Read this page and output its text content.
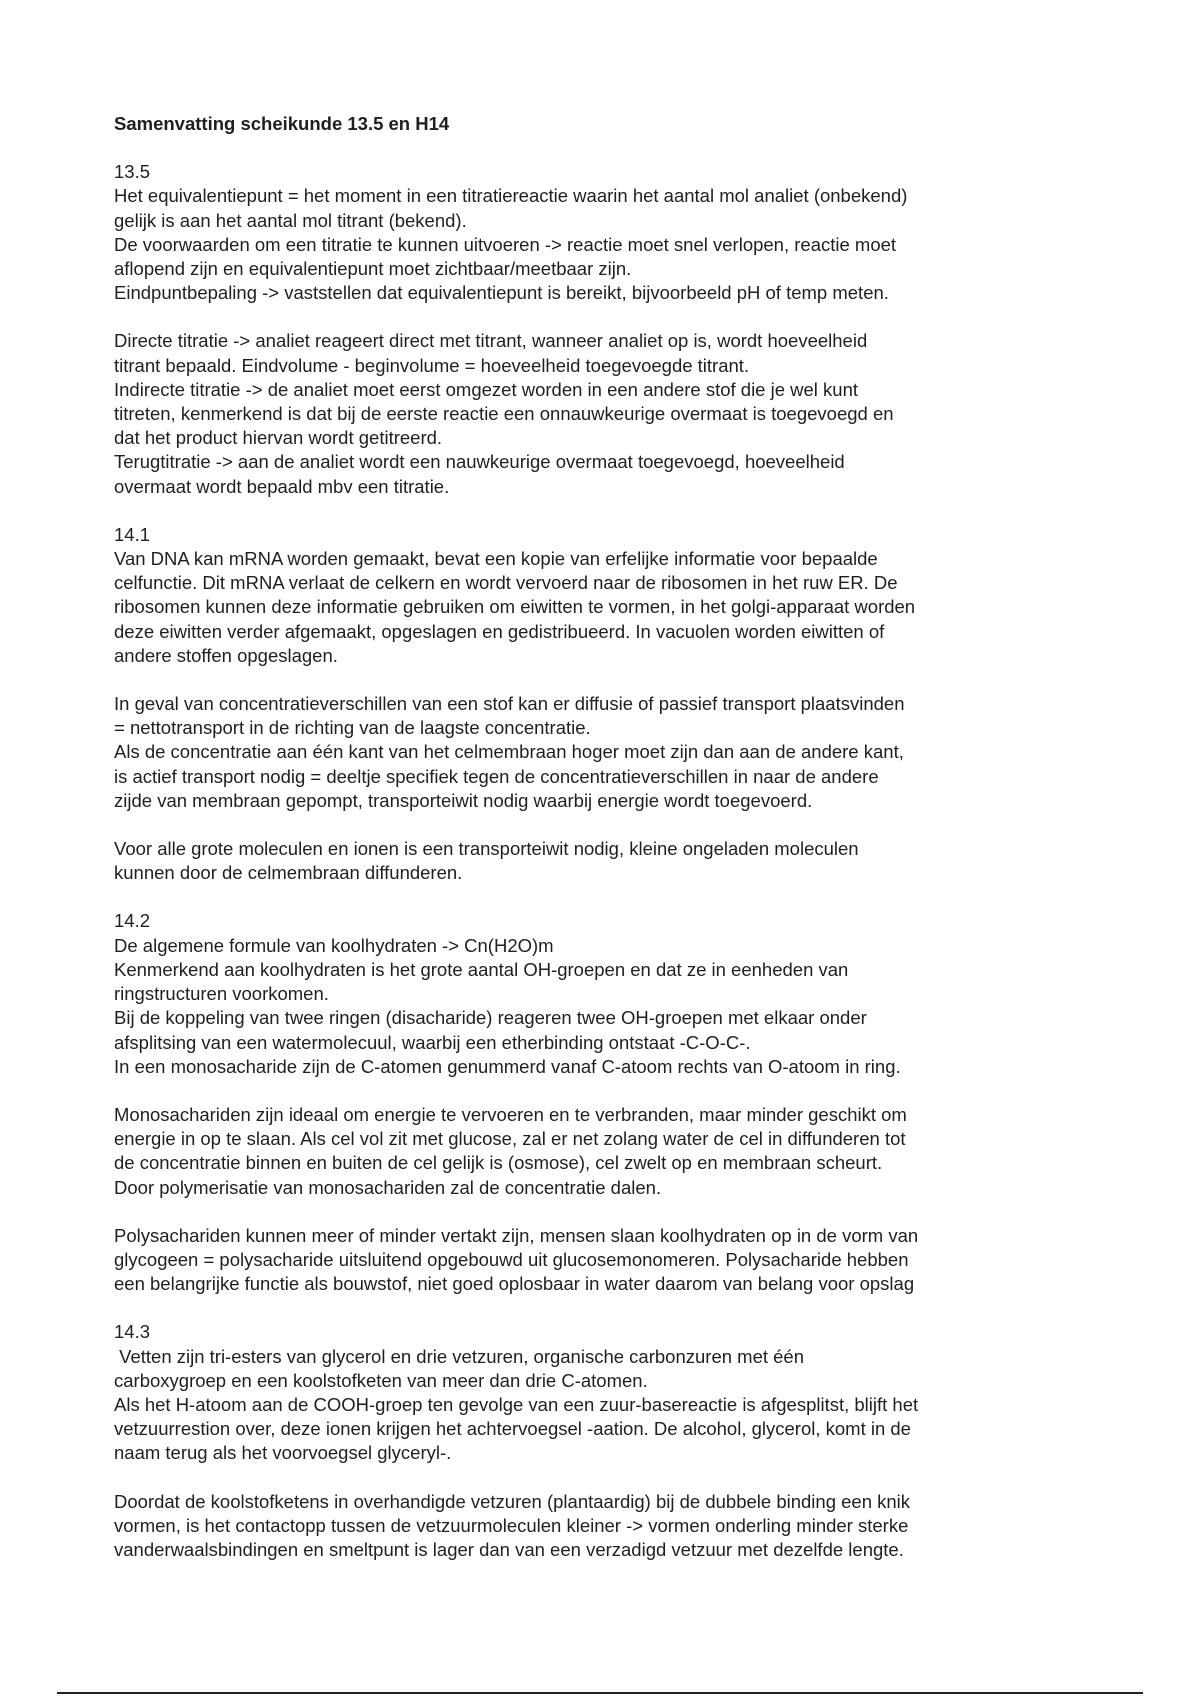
Samenvatting scheikunde 13.5 en H14
13.5
Het equivalentiepunt = het moment in een titratiereactie waarin het aantal mol analiet (onbekend)
gelijk is aan het aantal mol titrant (bekend).
De voorwaarden om een titratie te kunnen uitvoeren -> reactie moet snel verlopen, reactie moet
aflopend zijn en equivalentiepunt moet zichtbaar/meetbaar zijn.
Eindpuntbepaling -> vaststellen dat equivalentiepunt is bereikt, bijvoorbeeld pH of temp meten.
Directe titratie -> analiet reageert direct met titrant, wanneer analiet op is, wordt hoeveelheid
titrant bepaald. Eindvolume - beginvolume = hoeveelheid toegevoegde titrant.
Indirecte titratie -> de analiet moet eerst omgezet worden in een andere stof die je wel kunt
titreten, kenmerkend is dat bij de eerste reactie een onnauwkeurige overmaat is toegevoegd en
dat het product hiervan wordt getitreerd.
Terugtitratie -> aan de analiet wordt een nauwkeurige overmaat toegevoegd, hoeveelheid
overmaat wordt bepaald mbv een titratie.
14.1
Van DNA kan mRNA worden gemaakt, bevat een kopie van erfelijke informatie voor bepaalde
celfunctie. Dit mRNA verlaat de celkern en wordt vervoerd naar de ribosomen in het ruw ER. De
ribosomen kunnen deze informatie gebruiken om eiwitten te vormen, in het golgi-apparaat worden
deze eiwitten verder afgemaakt, opgeslagen en gedistribueerd. In vacuolen worden eiwitten of
andere stoffen opgeslagen.
In geval van concentratieverschillen van een stof kan er diffusie of passief transport plaatsvinden
= nettotransport in de richting van de laagste concentratie.
Als de concentratie aan één kant van het celmembraan hoger moet zijn dan aan de andere kant,
is actief transport nodig = deeltje specifiek tegen de concentratieverschillen in naar de andere
zijde van membraan gepompt, transporteiwit nodig waarbij energie wordt toegevoerd.
Voor alle grote moleculen en ionen is een transporteiwit nodig, kleine ongeladen moleculen
kunnen door de celmembraan diffunderen.
14.2
De algemene formule van koolhydraten -> Cn(H2O)m
Kenmerkend aan koolhydraten is het grote aantal OH-groepen en dat ze in eenheden van
ringstructuren voorkomen.
Bij de koppeling van twee ringen (disacharide) reageren twee OH-groepen met elkaar onder
afsplitsing van een watermolecuul, waarbij een etherbinding ontstaat -C-O-C-.
In een monosacharide zijn de C-atomen genummerd vanaf C-atoom rechts van O-atoom in ring.
Monosachariden zijn ideaal om energie te vervoeren en te verbranden, maar minder geschikt om
energie in op te slaan. Als cel vol zit met glucose, zal er net zolang water de cel in diffunderen tot
de concentratie binnen en buiten de cel gelijk is (osmose), cel zwelt op en membraan scheurt.
Door polymerisatie van monosachariden zal de concentratie dalen.
Polysachariden kunnen meer of minder vertakt zijn, mensen slaan koolhydraten op in de vorm van
glycogeen = polysacharide uitsluitend opgebouwd uit glucosemonomeren. Polysacharide hebben
een belangrijke functie als bouwstof, niet goed oplosbaar in water daarom van belang voor opslag
14.3
Vetten zijn tri-esters van glycerol en drie vetzuren, organische carbonzuren met één
carboxygroep en een koolstofketen van meer dan drie C-atomen.
Als het H-atoom aan de COOH-groep ten gevolge van een zuur-basereactie is afgesplitst, blijft het
vetzuurrestion over, deze ionen krijgen het achtervoegsel -aation. De alcohol, glycerol, komt in de
naam terug als het voorvoegsel glyceryl-.
Doordat de koolstofketens in overhandigde vetzuren (plantaardig) bij de dubbele binding een knik
vormen, is het contactopp tussen de vetzuurmoleculen kleiner -> vormen onderling minder sterke
vanderwaalsbindingen en smeltpunt is lager dan van een verzadigd vetzuur met dezelfde lengte.
